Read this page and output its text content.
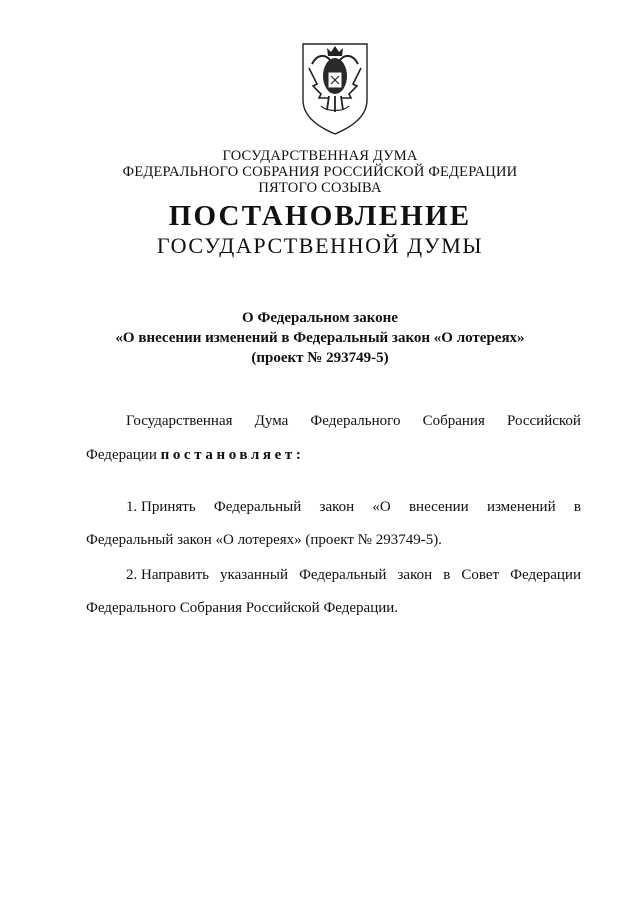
ГОСУДАРСТВЕННАЯ ДУМА
ФЕДЕРАЛЬНОГО СОБРАНИЯ РОССИЙСКОЙ ФЕДЕРАЦИИ
ПЯТОГО СОЗЫВА
ПОСТАНОВЛЕНИЕ
ГОСУДАРСТВЕННОЙ ДУМЫ
О Федеральном законе
«О внесении изменений в Федеральный закон «О лотереях»
(проект № 293749-5)
Государственная Дума Федерального Собрания Российской
Федерации постановляет:
1. Принять Федеральный закон «О внесении изменений в
Федеральный закон «О лотереях» (проект № 293749-5).
2. Направить указанный Федеральный закон в Совет Федерации
Федерального Собрания Российской Федерации.
